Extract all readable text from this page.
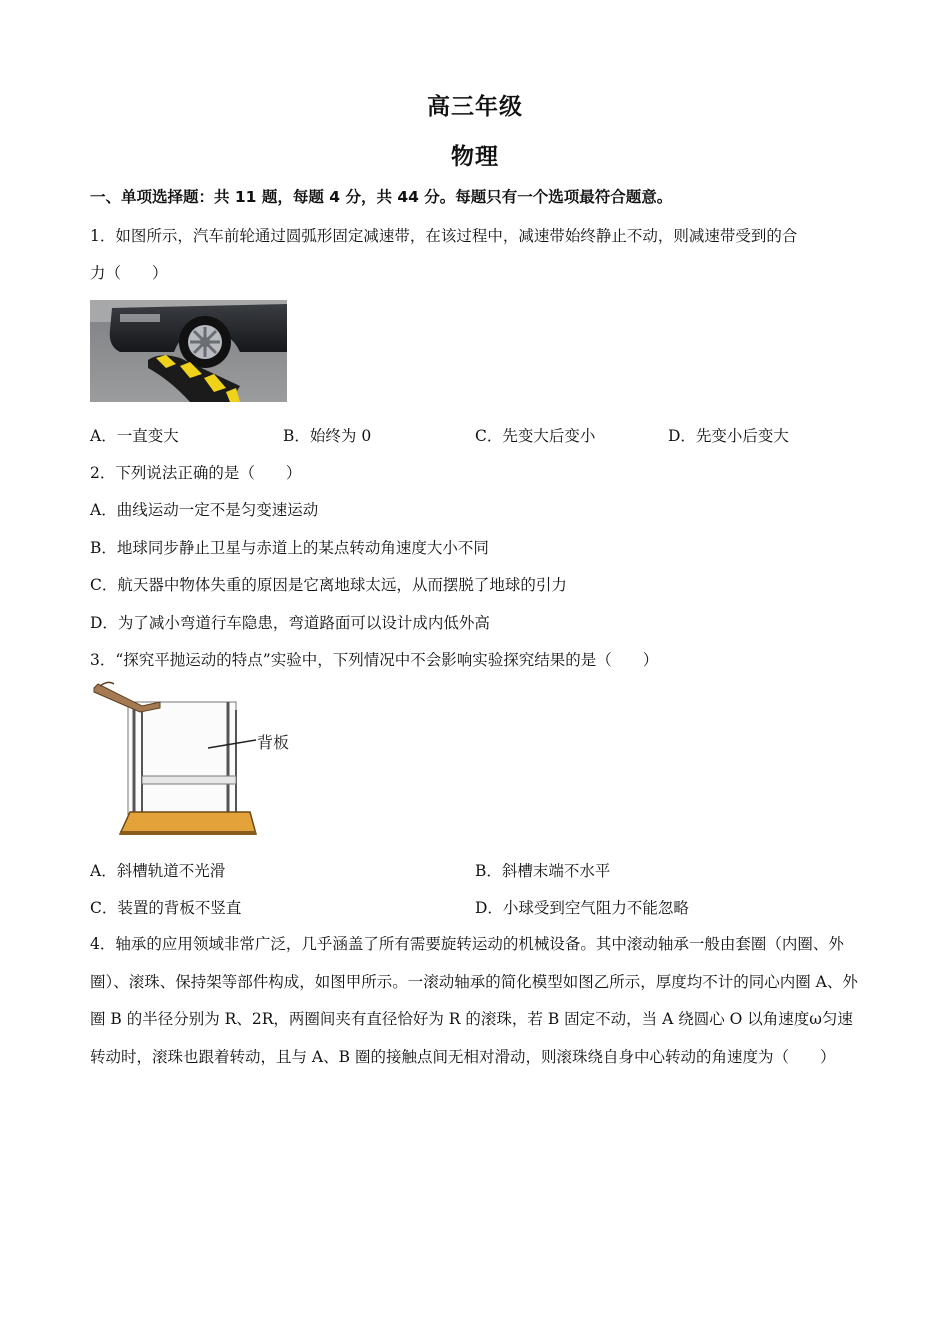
高三年级
物理
一、单项选择题：共 11 题，每题 4 分，共 44 分。每题只有一个选项最符合题意。
1．如图所示，汽车前轮通过圆弧形固定减速带，在该过程中，减速带始终静止不动，则减速带受到的合
力（　　）
A．一直变大	B．始终为 0	C．先变大后变小	D．先变小后变大
2．下列说法正确的是（　　）
A．曲线运动一定不是匀变速运动
B．地球同步静止卫星与赤道上的某点转动角速度大小不同
C．航天器中物体失重的原因是它离地球太远，从而摆脱了地球的引力
D．为了减小弯道行车隐患，弯道路面可以设计成内低外高
3．“探究平抛运动的特点”实验中，下列情况中不会影响实验探究结果的是（　　）
背板
A．斜槽轨道不光滑	B．斜槽末端不水平
C．装置的背板不竖直	D．小球受到空气阻力不能忽略
4．轴承的应用领域非常广泛，几乎涵盖了所有需要旋转运动的机械设备。其中滚动轴承一般由套圈（内圈、外圈）、滚珠、保持架等部件构成，如图甲所示。一滚动轴承的简化模型如图乙所示，厚度均不计的同心内圈 A、外圈 B 的半径分别为 R、2R，两圈间夹有直径恰好为 R 的滚珠，若 B 固定不动，当 A 绕圆心 O 以角速度ω匀速转动时，滚珠也跟着转动，且与 A、B 圈的接触点间无相对滑动，则滚珠绕自身中心转动的角速度为（　　）
